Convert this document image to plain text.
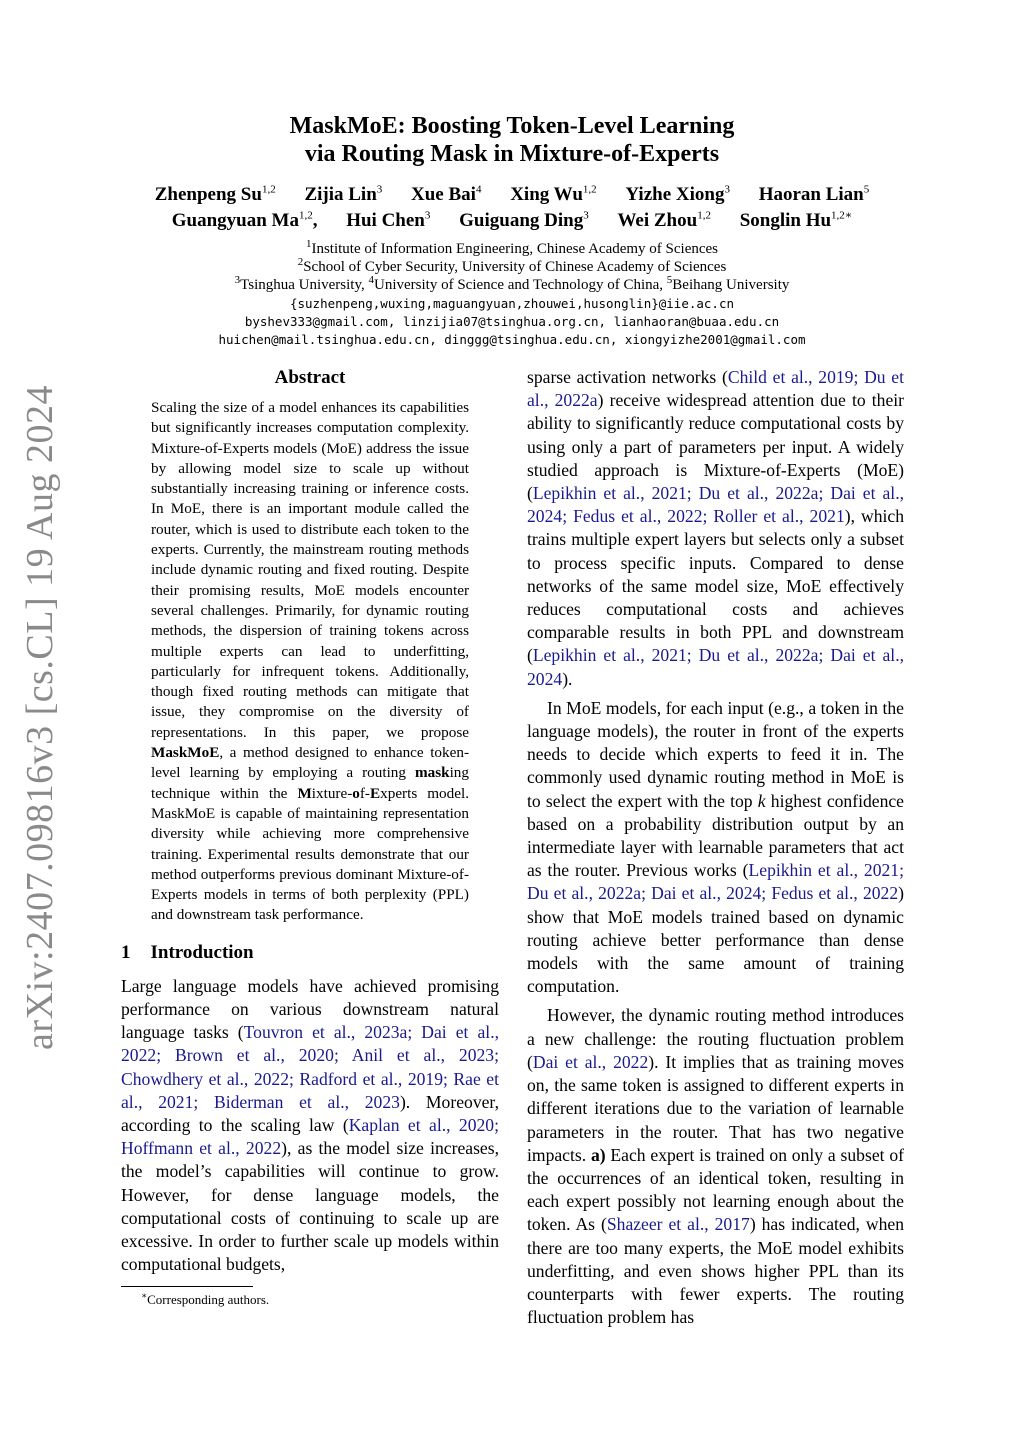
arXiv:2407.09816v3 [cs.CL] 19 Aug 2024
MaskMoE: Boosting Token-Level Learning
via Routing Mask in Mixture-of-Experts
Zhenpeng Su$^{1,2}$ Zijia Lin$^3$ Xue Bai$^4$ Xing Wu$^{1,2}$ Yizhe Xiong$^3$ Haoran Lian$^5$
Guangyuan Ma$^{1,2}$, Hui Chen$^3$ Guiguang Ding$^3$ Wei Zhou$^{1,2}$ Songlin $Hu^{1,2∗}$
$^1$Institute of Information Engineering, Chinese Academy of Sciences
$^2$School of Cyber Security, University of Chinese Academy of Sciences
$^3$Tsinghua University, $^4$University of Science and Technology of China, $^5$Beihang University
{suzhenpeng,wuxing,maguangyuan,zhouwei,husonglin}@iie.ac.cn
byshev333@gmail.com, linzijia07@tsinghua.org.cn, lianhaoran@buaa.edu.cn
huichen@mail.tsinghua.edu.cn, dinggg@tsinghua.edu.cn, xiongyizhe2001@gmail.com
Abstract

Scaling the size of a model enhances its capabilities but significantly increases computation complexity. Mixture-of-Experts models (MoE) address the issue by allowing model size to scale up without substantially increasing training or inference costs. In MoE, there is an important module called the router, which is used to distribute each token to the experts. Currently, the mainstream routing methods include dynamic routing and fixed routing. Despite their promising results, MoE models encounter several challenges. Primarily, for dynamic routing methods, the dispersion of training tokens across multiple experts can lead to underfitting, particularly for infrequent tokens. Additionally, though fixed routing methods can mitigate that issue, they compromise on the diversity of representations. In this paper, we propose MaskMoE, a method designed to enhance token-level learning by employing a routing masking technique within the Mixture-of-Experts model. MaskMoE is capable of maintaining representation diversity while achieving more comprehensive training. Experimental results demonstrate that our method outperforms previous dominant Mixture-of-Experts models in terms of both perplexity (PPL) and downstream task performance.

1 Introduction

Large language models have achieved promising performance on various downstream natural language tasks (Touvron et al., 2023a; Dai et al., 2022; Brown et al., 2020; Anil et al., 2023; Chowdhery et al., 2022; Radford et al., 2019; Rae et al., 2021; Biderman et al., 2023). Moreover, according to the scaling law (Kaplan et al., 2020; Hoffmann et al., 2022), as the model size increases, the model’s capabilities will continue to grow. However, for dense language models, the computational costs of continuing to scale up are excessive. In order to further scale up models within computational budgets,

∗Corresponding authors.

sparse activation networks (Child et al., 2019; Du et al., 2022a) receive widespread attention due to their ability to significantly reduce computational costs by using only a part of parameters per input. A widely studied approach is Mixture-of-Experts (MoE) (Lepikhin et al., 2021; Du et al., 2022a; Dai et al., 2024; Fedus et al., 2022; Roller et al., 2021), which trains multiple expert layers but selects only a subset to process specific inputs. Compared to dense networks of the same model size, MoE effectively reduces computational costs and achieves comparable results in both PPL and downstream (Lepikhin et al., 2021; Du et al., 2022a; Dai et al., 2024).

In MoE models, for each input (e.g., a token in the language models), the router in front of the experts needs to decide which experts to feed it in. The commonly used dynamic routing method in MoE is to select the expert with the top k highest confidence based on a probability distribution output by an intermediate layer with learnable parameters that act as the router. Previous works (Lepikhin et al., 2021; Du et al., 2022a; Dai et al., 2024; Fedus et al., 2022) show that MoE models trained based on dynamic routing achieve better performance than dense models with the same amount of training computation.

However, the dynamic routing method introduces a new challenge: the routing fluctuation problem (Dai et al., 2022). It implies that as training moves on, the same token is assigned to different experts in different iterations due to the variation of learnable parameters in the router. That has two negative impacts. a) Each expert is trained on only a subset of the occurrences of an identical token, resulting in each expert possibly not learning enough about the token. As (Shazeer et al., 2017) has indicated, when there are too many experts, the MoE model exhibits underfitting, and even shows higher PPL than its counterparts with fewer experts. The routing fluctuation problem has
